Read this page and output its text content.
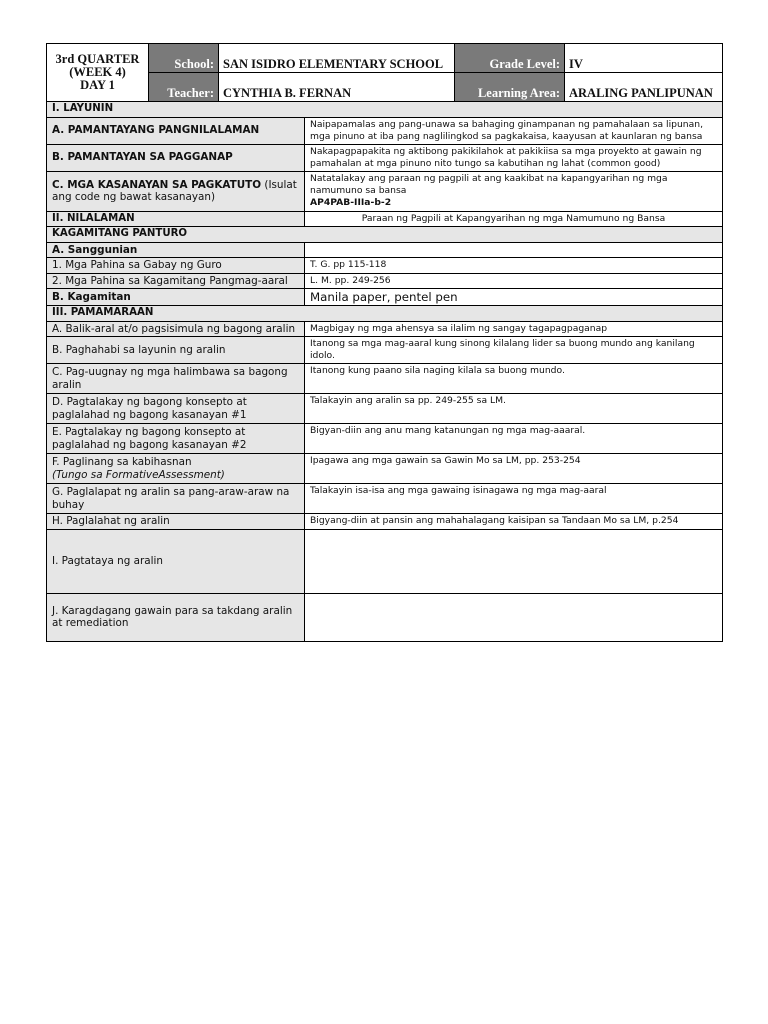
3rd QUARTER
(WEEK 4)
DAY 1	School:	SAN ISIDRO ELEMENTARY SCHOOL	Grade Level:	IV
	Teacher:	CYNTHIA B. FERNAN	Learning Area:	ARALING PANLIPUNAN
I. LAYUNIN	
A. PAMANTAYANG PANGNILALAMAN	Naipapamalas ang pang-unawa sa bahaging ginampanan ng pamahalaan sa lipunan, mga pinuno at iba pang naglilingkod sa pagkakaisa, kaayusan at kaunlaran ng bansa
B. PAMANTAYAN SA PAGGANAP	Nakapagpapakita ng aktibong pakikilahok at pakikiisa sa mga proyekto at gawain ng pamahalan at mga pinuno nito tungo sa kabutihan ng lahat (common good)
C. MGA KASANAYAN SA PAGKATUTO (Isulat ang code ng bawat kasanayan)	Natatalakay ang paraan ng pagpili at ang kaakibat na kapangyarihan ng mga namumuno sa bansa
AP4PAB-IIIa-b-2

II. NILALAMAN	Paraan ng Pagpili at Kapangyarihan ng mga Namumuno ng Bansa
KAGAMITANG PANTURO	
A. Sanggunian	
1. Mga Pahina sa Gabay ng Guro	T. G. pp 115-118
2. Mga Pahina sa Kagamitang Pangmag-aaral	L. M. pp. 249-256
B. Kagamitan	Manila paper, pentel pen
III. PAMAMARAAN	
A. Balik-aral at/o pagsisimula ng bagong aralin	Magbigay ng mga ahensya sa ilalim ng sangay tagapagpaganap
B. Paghahabi sa layunin ng aralin	Itanong sa mga mag-aaral kung sinong kilalang lider sa buong mundo ang kanilang idolo.
C. Pag-uugnay ng mga halimbawa sa bagong aralin	Itanong kung paano sila naging kilala sa buong mundo.
D. Pagtalakay ng bagong konsepto at paglalahad ng bagong kasanayan #1	Talakayin ang aralin sa pp. 249-255 sa LM.
E. Pagtalakay ng bagong konsepto at paglalahad ng bagong kasanayan #2	Bigyan-diin ang anu mang katanungan ng mga mag-aaaral.

F. Paglinang sa kabihasnan
(Tungo sa FormativeAssessment)	Ipagawa ang mga gawain sa Gawin Mo sa LM, pp. 253-254
G. Paglalapat ng aralin sa pang-araw-araw na buhay	Talakayin isa-isa ang mga gawaing isinagawa ng mga mag-aaral
H. Paglalahat ng aralin	Bigyang-diin at pansin ang mahahalagang kaisipan sa Tandaan Mo sa LM, p.254
I. Pagtataya ng aralin	
J. Karagdagang gawain para sa takdang aralin at remediation	
